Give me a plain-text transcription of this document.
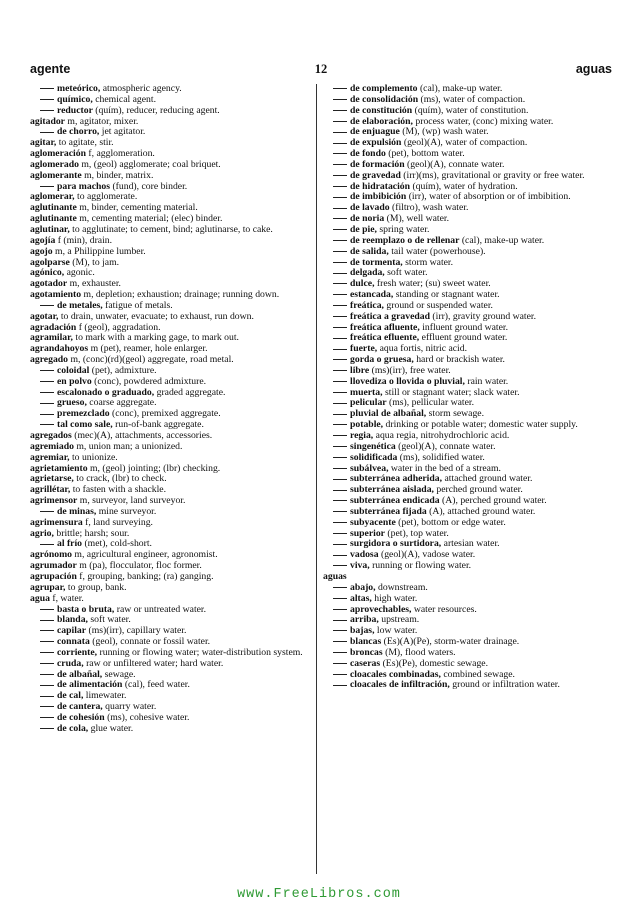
agente	12	aguas

meteórico, atmospheric agency.

químico, chemical agent.

reductor (quím), reducer, reducing agent.

agitador m, agitator, mixer.

de chorro, jet agitator.

agitar, to agitate, stir.

aglomeración f, agglomeration.

aglomerado m, (geol) agglomerate; coal briquet.

aglomerante m, binder, matrix.

para machos (fund), core binder.

aglomerar, to agglomerate.

aglutinante m, binder, cementing material.

aglutinante m, cementing material; (elec) binder.

aglutinar, to agglutinate; to cement, bind; aglutinarse, to cake.

agojía f (min), drain.

agojo m, a Philippine lumber.

agolparse (M), to jam.

agónico, agonic.

agotador m, exhauster.

agotamiento m, depletion; exhaustion; drainage; running down.

de metales, fatigue of metals.

agotar, to drain, unwater, evacuate; to exhaust, run down.

agradación f (geol), aggradation.

agramilar, to mark with a marking gage, to mark out.

agrandahoyos m (pet), reamer, hole enlarger.

agregado m, (conc)(rd)(geol) aggregate, road metal.

coloidal (pet), admixture.

en polvo (conc), powdered admixture.

escalonado o graduado, graded aggregate.

grueso, coarse aggregate.

premezclado (conc), premixed aggregate.

tal como sale, run-of-bank aggregate.

agregados (mec)(A), attachments, accessories.

agremiado m, union man; a unionized.

agremiar, to unionize.

agrietamiento m, (geol) jointing; (lbr) checking.

agrietarse, to crack, (lbr) to check.

agrillétar, to fasten with a shackle.

agrimensor m, surveyor, land surveyor.

de minas, mine surveyor.

agrimensura f, land surveying.

agrio, brittle; harsh; sour.

al frío (met), cold-short.

agrónomo m, agricultural engineer, agronomist.

agrumador m (pa), flocculator, floc former.

agrupación f, grouping, banking; (ra) ganging.

agrupar, to group, bank.

agua f, water.

basta o bruta, raw or untreated water.

blanda, soft water.

capilar (ms)(irr), capillary water.

connata (geol), connate or fossil water.

corriente, running or flowing water; water-distribution system.

cruda, raw or unfiltered water; hard water.

de albañal, sewage.

de alimentación (cal), feed water.

de cal, limewater.

de cantera, quarry water.

de cohesión (ms), cohesive water.

de cola, glue water.

de complemento (cal), make-up water.

de consolidación (ms), water of compaction.

de constitución (quím), water of constitution.

de elaboración, process water, (conc) mixing water.

de enjuague (M), (wp) wash water.

de expulsión (geol)(A), water of compaction.

de fondo (pet), bottom water.

de formación (geol)(A), connate water.

de gravedad (irr)(ms), gravitational or gravity or free water.

de hidratación (quím), water of hydration.

de imbibición (irr), water of absorption or of imbibition.

de lavado (filtro), wash water.

de noria (M), well water.

de pie, spring water.

de reemplazo o de rellenar (cal), make-up water.

de salida, tail water (powerhouse).

de tormenta, storm water.

delgada, soft water.

dulce, fresh water; (su) sweet water.

estancada, standing or stagnant water.

freática, ground or suspended water.

freática a gravedad (irr), gravity ground water.

freática afluente, influent ground water.

freática efluente, effluent ground water.

fuerte, aqua fortis, nitric acid.

gorda o gruesa, hard or brackish water.

libre (ms)(irr), free water.

llovediza o llovida o pluvial, rain water.

muerta, still or stagnant water; slack water.

pelicular (ms), pellicular water.

pluvial de albañal, storm sewage.

potable, drinking or potable water; domestic water supply.

regia, aqua regia, nitrohydrochloric acid.

singenética (geol)(A), connate water.

solidificada (ms), solidified water.

subálvea, water in the bed of a stream.

subterránea adherida, attached ground water.

subterránea aislada, perched ground water.

subterránea endicada (A), perched ground water.

subterránea fijada (A), attached ground water.

subyacente (pet), bottom or edge water.

superior (pet), top water.

surgidora o surtidora, artesian water.

vadosa (geol)(A), vadose water.

viva, running or flowing water.

aguas

abajo, downstream.

altas, high water.

aprovechables, water resources.

arriba, upstream.

bajas, low water.

blancas (Es)(A)(Pe), storm-water drainage.

broncas (M), flood waters.

caseras (Es)(Pe), domestic sewage.

cloacales combinadas, combined sewage.

cloacales de infiltración, ground or infiltration water.

www.FreeLibros.com
